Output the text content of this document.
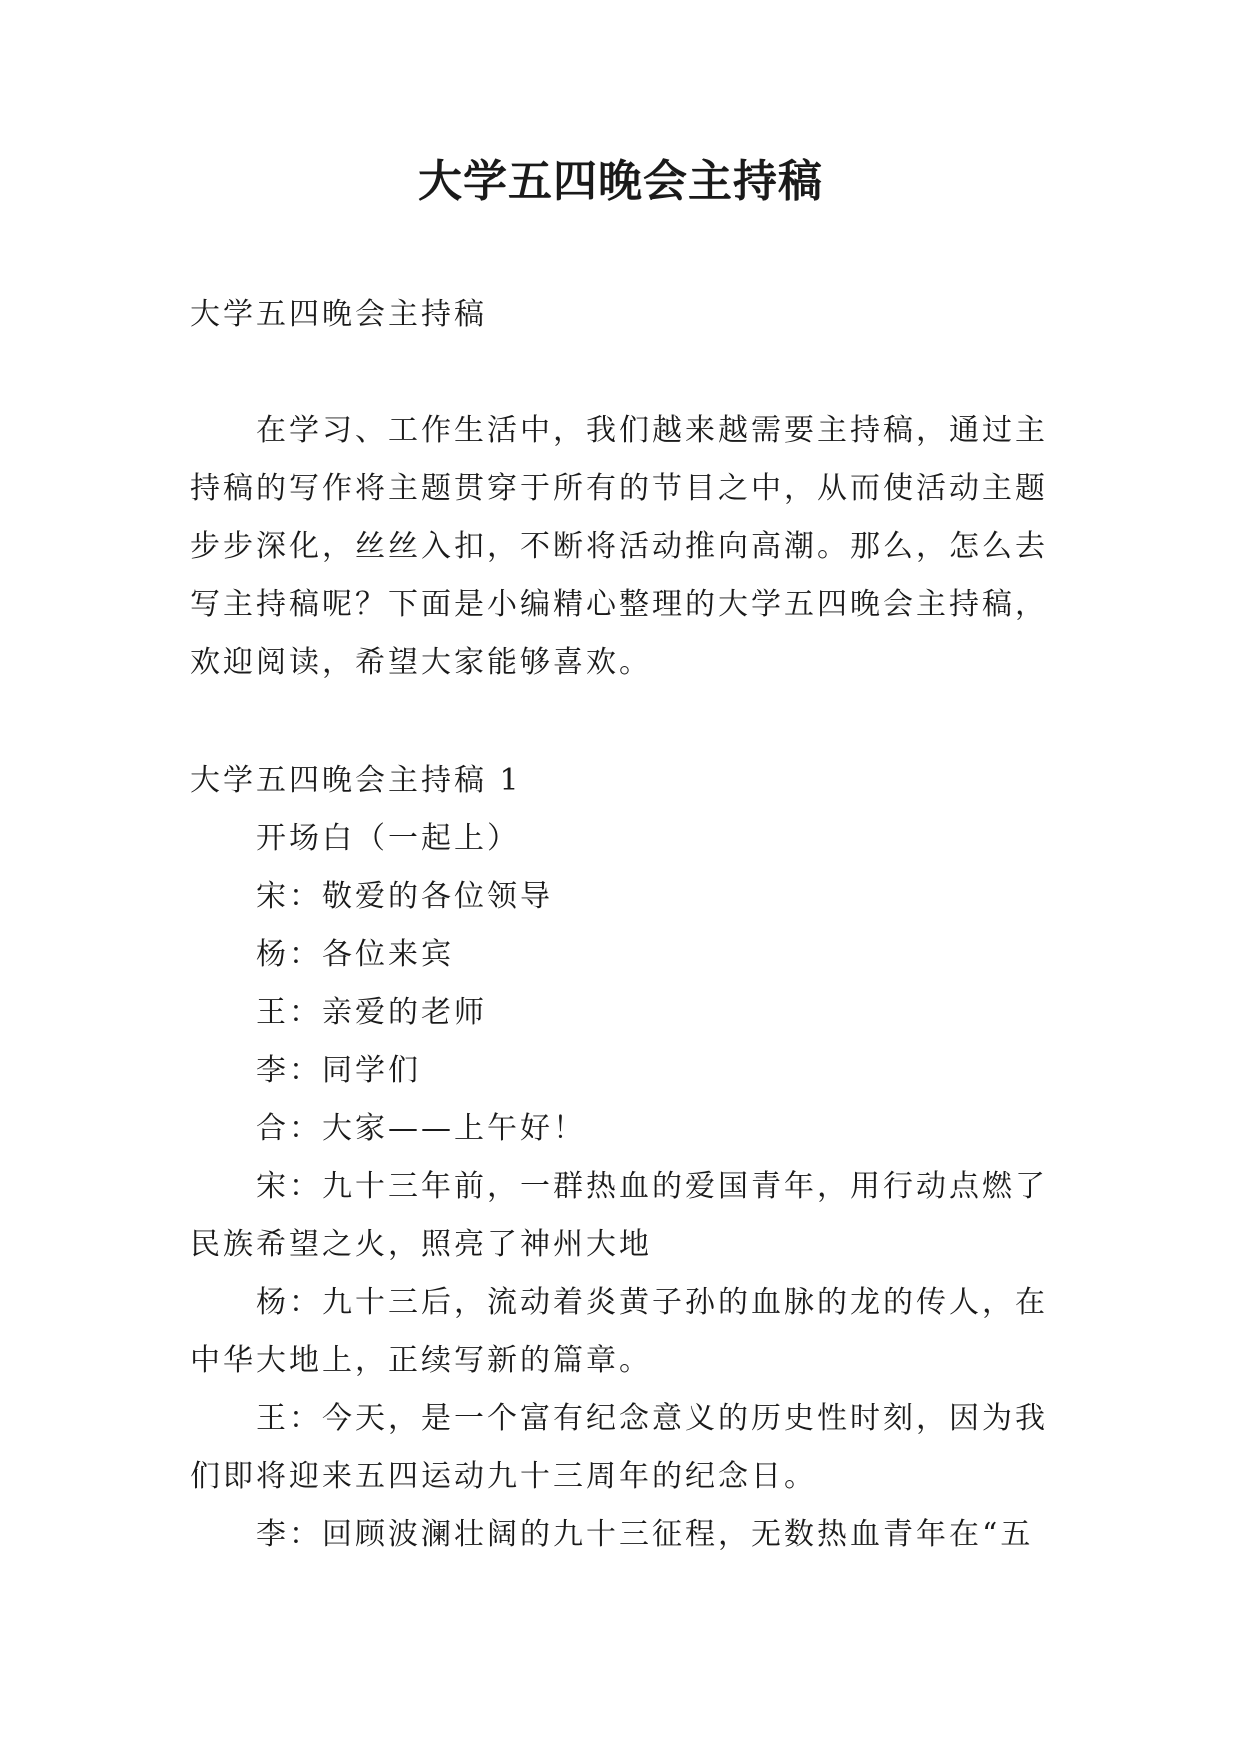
大学五四晚会主持稿

大学五四晚会主持稿

在学习、工作生活中，我们越来越需要主持稿，通过主持稿的写作将主题贯穿于所有的节目之中，从而使活动主题步步深化，丝丝入扣，不断将活动推向高潮。那么，怎么去写主持稿呢？下面是小编精心整理的大学五四晚会主持稿，欢迎阅读，希望大家能够喜欢。

大学五四晚会主持稿 1

开场白（一起上）

宋：敬爱的各位领导

杨：各位来宾

王：亲爱的老师

李：同学们

合：大家——上午好！

宋：九十三年前，一群热血的爱国青年，用行动点燃了民族希望之火，照亮了神州大地

杨：九十三后，流动着炎黄子孙的血脉的龙的传人，在中华大地上，正续写新的篇章。

王：今天，是一个富有纪念意义的历史性时刻，因为我们即将迎来五四运动九十三周年的纪念日。

李：回顾波澜壮阔的九十三征程，无数热血青年在“五
